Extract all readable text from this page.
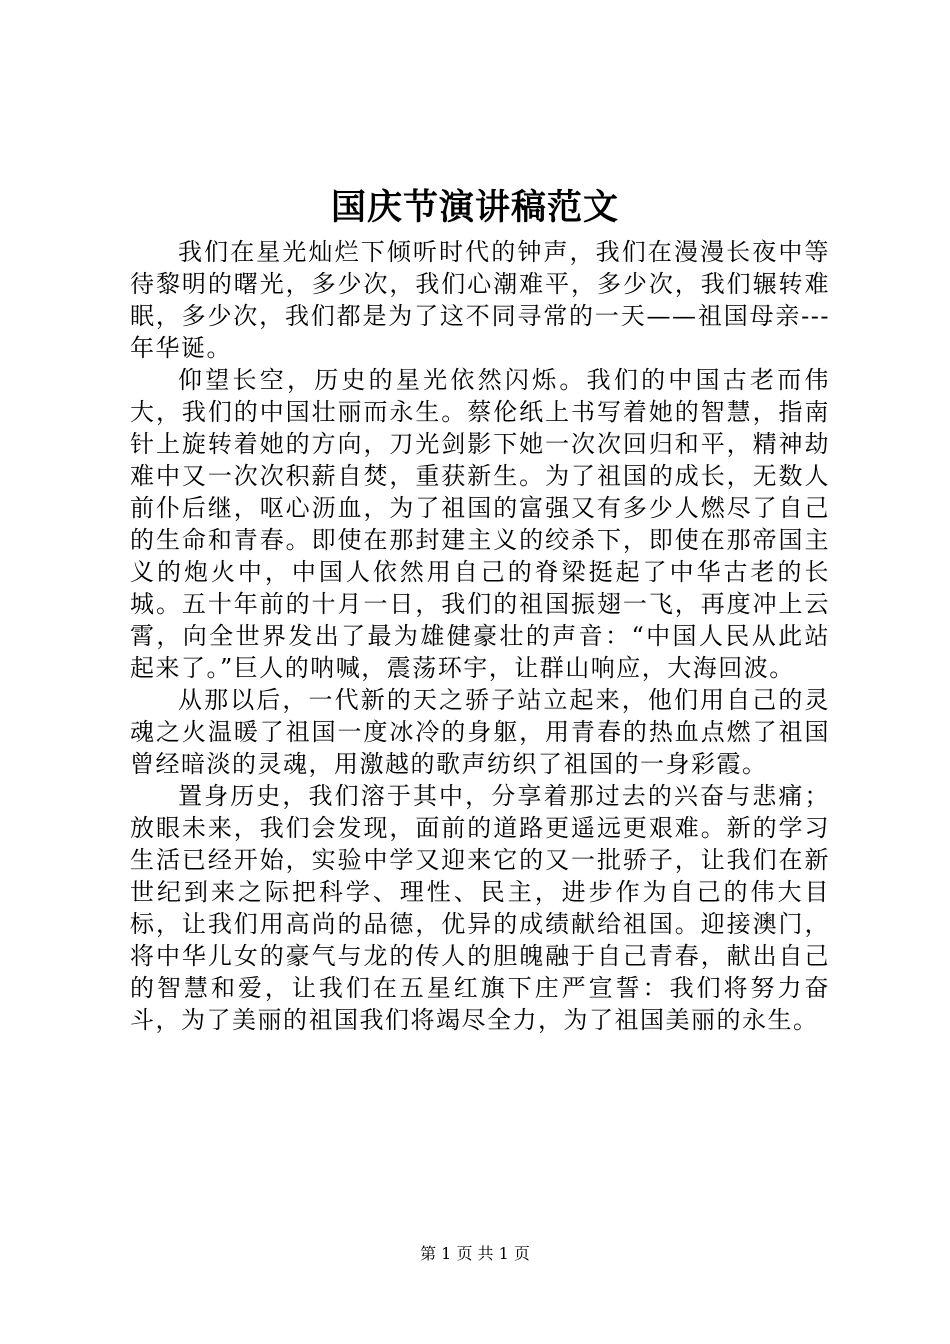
国庆节演讲稿范文

我们在星光灿烂下倾听时代的钟声，我们在漫漫长夜中等待黎明的曙光，多少次，我们心潮难平，多少次，我们辗转难眠，多少次，我们都是为了这不同寻常的一天——祖国母亲---年华诞。

仰望长空，历史的星光依然闪烁。我们的中国古老而伟大，我们的中国壮丽而永生。蔡伦纸上书写着她的智慧，指南针上旋转着她的方向，刀光剑影下她一次次回归和平，精神劫难中又一次次积薪自焚，重获新生。为了祖国的成长，无数人前仆后继，呕心沥血，为了祖国的富强又有多少人燃尽了自己的生命和青春。即使在那封建主义的绞杀下，即使在那帝国主义的炮火中，中国人依然用自己的脊梁挺起了中华古老的长城。五十年前的十月一日，我们的祖国振翅一飞，再度冲上云霄，向全世界发出了最为雄健豪壮的声音：“中国人民从此站起来了。”巨人的呐喊，震荡环宇，让群山响应，大海回波。

从那以后，一代新的天之骄子站立起来，他们用自己的灵魂之火温暖了祖国一度冰冷的身躯，用青春的热血点燃了祖国曾经暗淡的灵魂，用激越的歌声纺织了祖国的一身彩霞。

置身历史，我们溶于其中，分享着那过去的兴奋与悲痛；放眼未来，我们会发现，面前的道路更遥远更艰难。新的学习生活已经开始，实验中学又迎来它的又一批骄子，让我们在新世纪到来之际把科学、理性、民主，进步作为自己的伟大目标，让我们用高尚的品德，优异的成绩献给祖国。迎接澳门，将中华儿女的豪气与龙的传人的胆魄融于自己青春，献出自己的智慧和爱，让我们在五星红旗下庄严宣誓：我们将努力奋斗，为了美丽的祖国我们将竭尽全力，为了祖国美丽的永生。

第 1 页 共 1 页
